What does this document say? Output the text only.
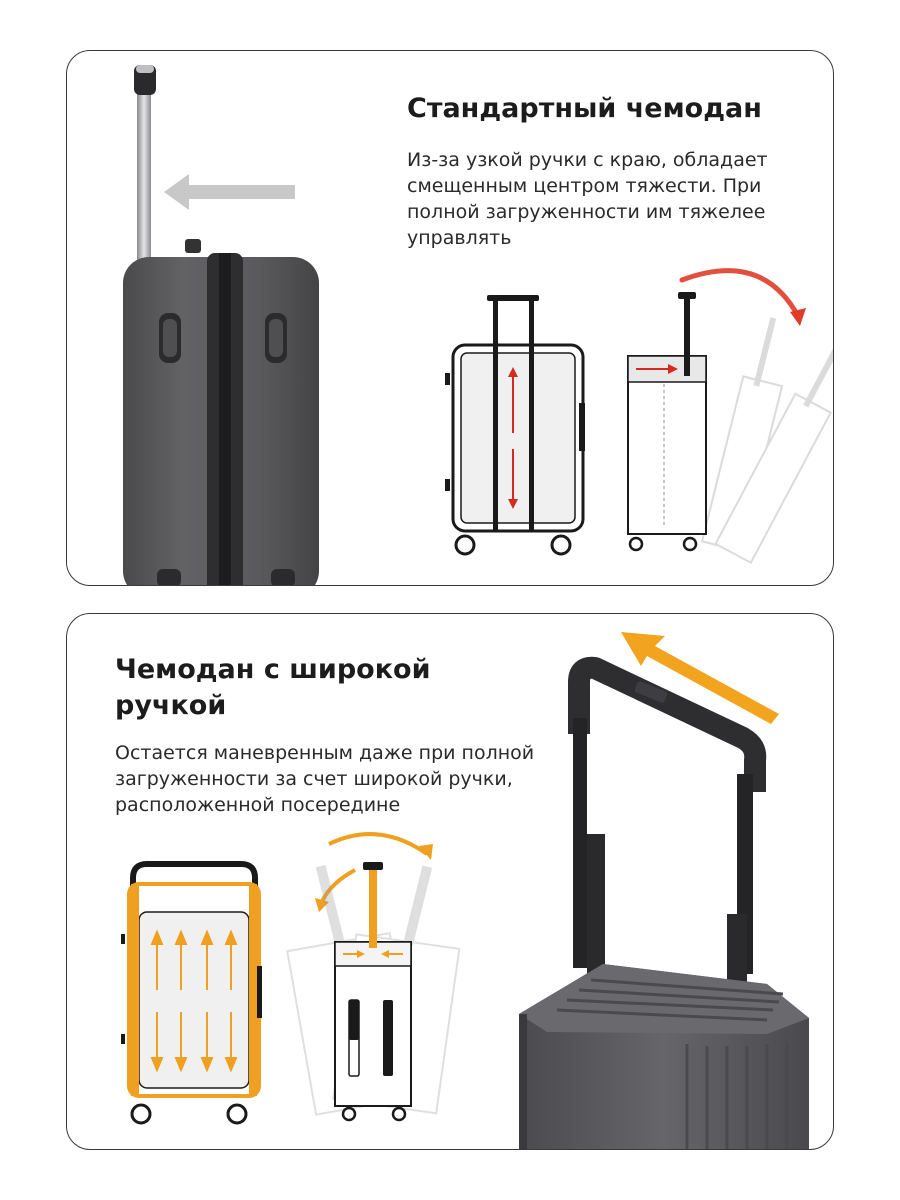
Стандартный чемодан

Из-за узкой ручки с краю, обладает смещенным центром тяжести. При полной загруженности им тяжелее управлять

Чемодан с широкой ручкой

Остается маневренным даже при полной загруженности за счет широкой ручки, расположенной посередине
